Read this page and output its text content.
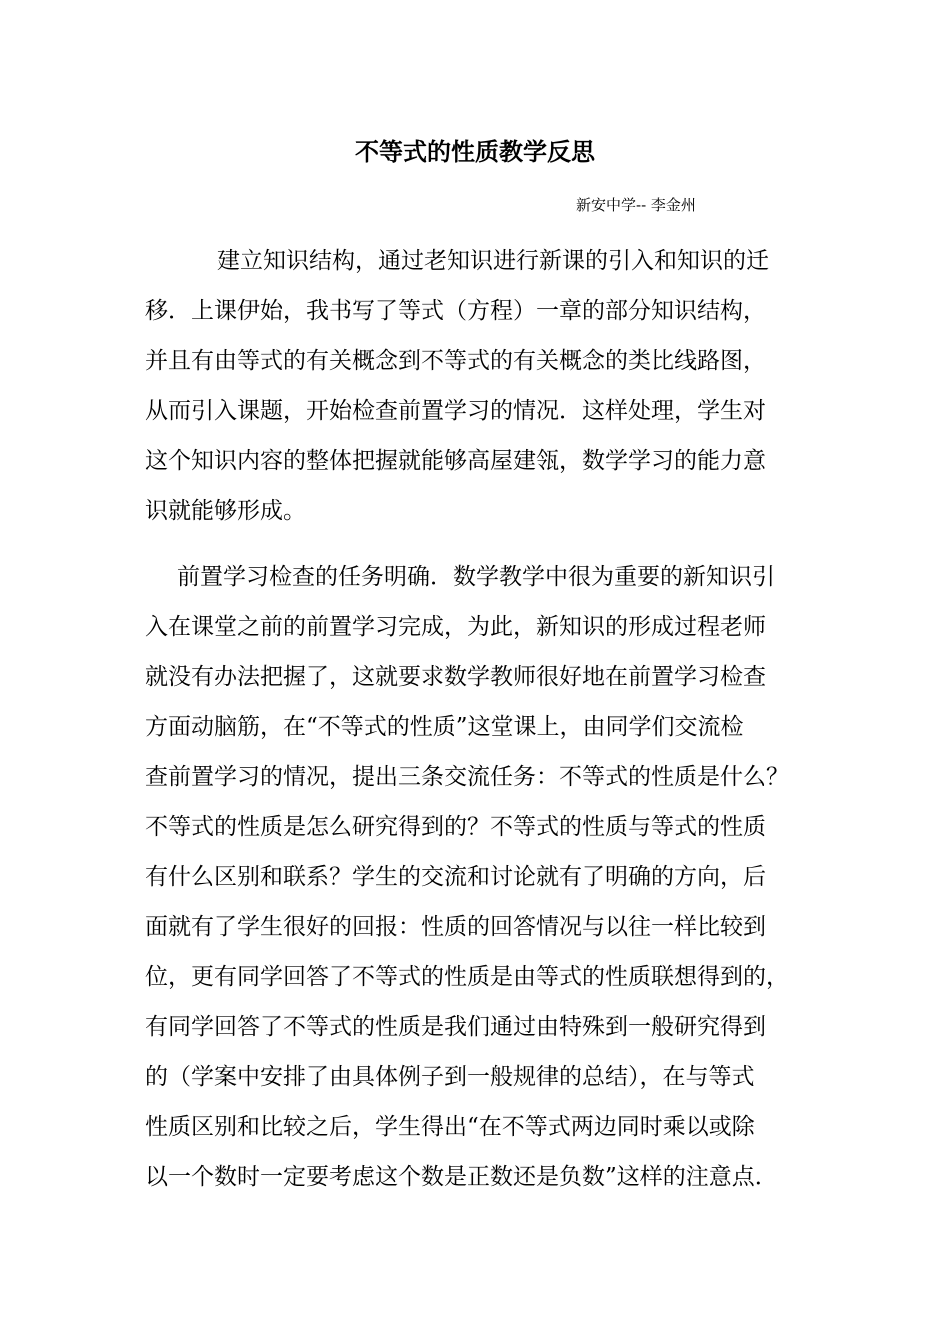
不等式的性质教学反思
新安中学-- 李金州
建立知识结构，通过老知识进行新课的引入和知识的迁
移．上课伊始，我书写了等式（方程）一章的部分知识结构，
并且有由等式的有关概念到不等式的有关概念的类比线路图，
从而引入课题，开始检查前置学习的情况．这样处理，学生对
这个知识内容的整体把握就能够高屋建瓴，数学学习的能力意
识就能够形成。
前置学习检查的任务明确．数学教学中很为重要的新知识引
入在课堂之前的前置学习完成，为此，新知识的形成过程老师
就没有办法把握了，这就要求数学教师很好地在前置学习检查
方面动脑筋，在“不等式的性质”这堂课上，由同学们交流检
查前置学习的情况，提出三条交流任务：不等式的性质是什么？
不等式的性质是怎么研究得到的？不等式的性质与等式的性质
有什么区别和联系？学生的交流和讨论就有了明确的方向，后
面就有了学生很好的回报：性质的回答情况与以往一样比较到
位，更有同学回答了不等式的性质是由等式的性质联想得到的，
有同学回答了不等式的性质是我们通过由特殊到一般研究得到
的（学案中安排了由具体例子到一般规律的总结），在与等式
性质区别和比较之后，学生得出“在不等式两边同时乘以或除
以一个数时一定要考虑这个数是正数还是负数”这样的注意点．
